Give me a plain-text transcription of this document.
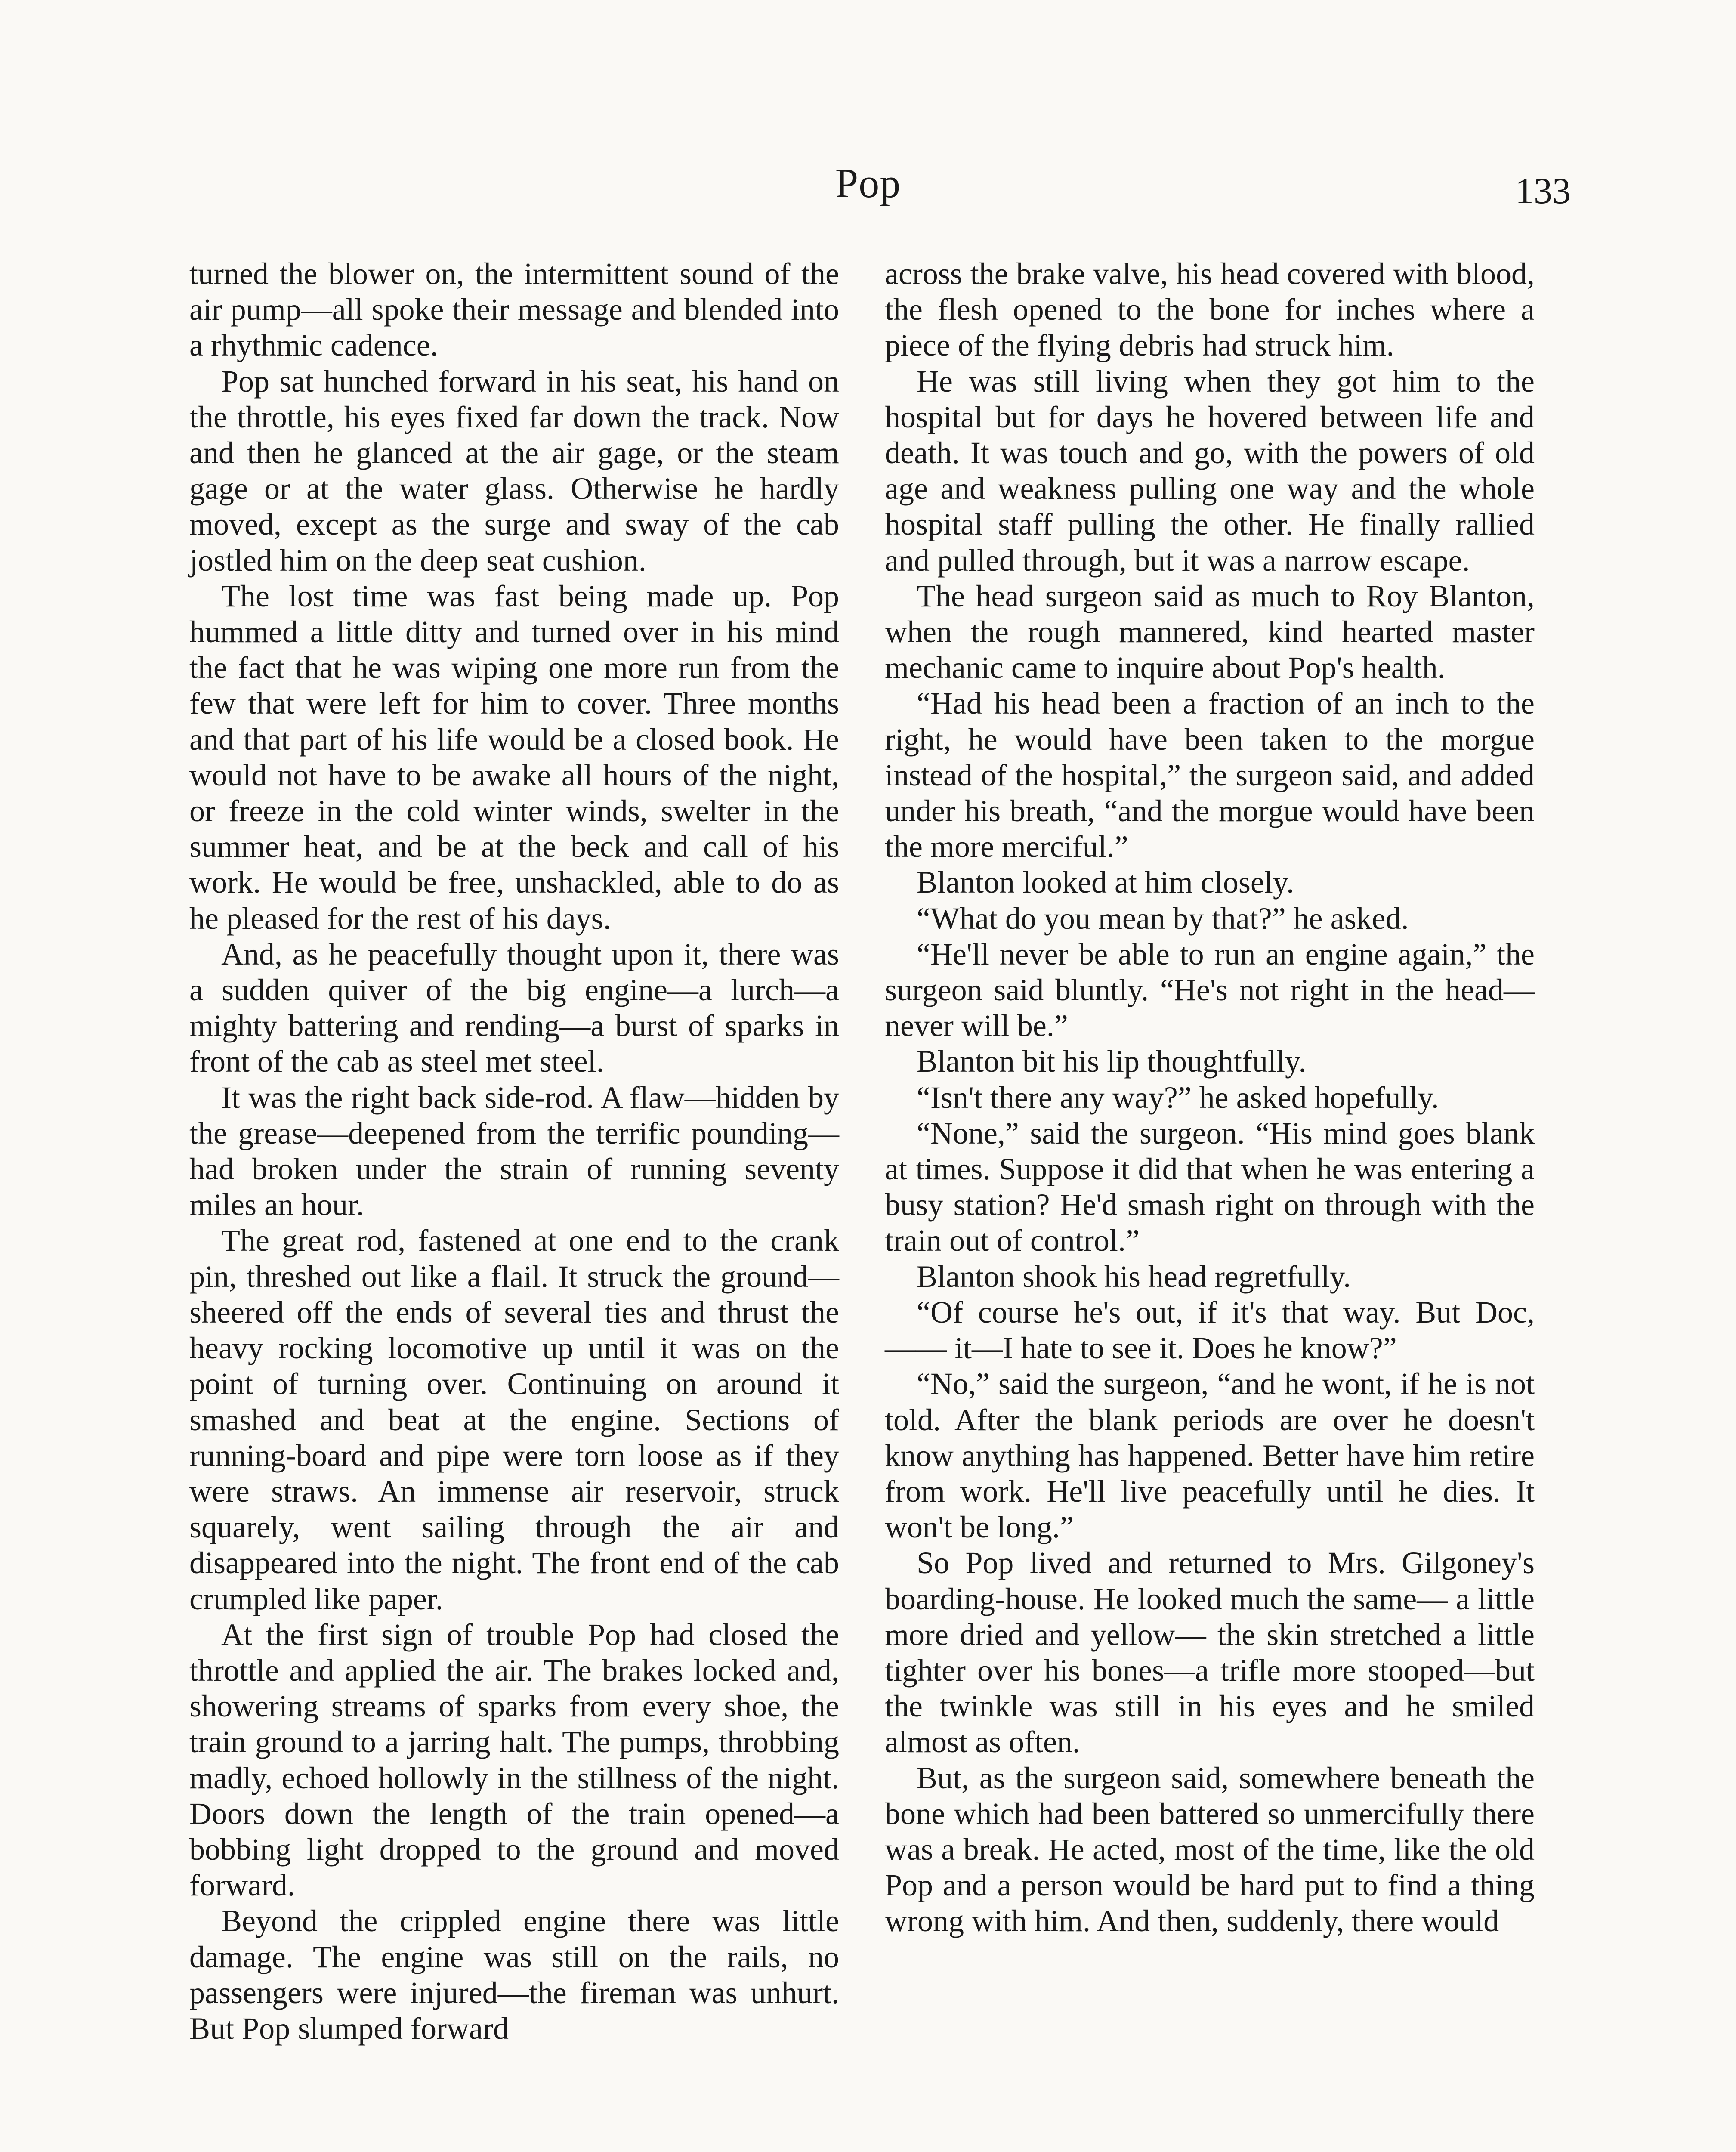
Pop	133

turned the blower on, the intermittent sound of the air pump—all spoke their message and blended into a rhythmic cadence.

Pop sat hunched forward in his seat, his hand on the throttle, his eyes fixed far down the track. Now and then he glanced at the air gage, or the steam gage or at the water glass. Otherwise he hardly moved, except as the surge and sway of the cab jostled him on the deep seat cushion.

The lost time was fast being made up. Pop hummed a little ditty and turned over in his mind the fact that he was wiping one more run from the few that were left for him to cover. Three months and that part of his life would be a closed book. He would not have to be awake all hours of the night, or freeze in the cold winter winds, swelter in the summer heat, and be at the beck and call of his work. He would be free, unshackled, able to do as he pleased for the rest of his days.

And, as he peacefully thought upon it, there was a sudden quiver of the big engine—a lurch—a mighty battering and rending—a burst of sparks in front of the cab as steel met steel.

It was the right back side-rod. A flaw—hidden by the grease—deepened from the terrific pounding—had broken under the strain of running seventy miles an hour.

The great rod, fastened at one end to the crank pin, threshed out like a flail. It struck the ground—sheered off the ends of several ties and thrust the heavy rocking locomotive up until it was on the point of turning over. Continuing on around it smashed and beat at the engine. Sections of running-board and pipe were torn loose as if they were straws. An immense air reservoir, struck squarely, went sailing through the air and disappeared into the night. The front end of the cab crumpled like paper.

At the first sign of trouble Pop had closed the throttle and applied the air. The brakes locked and, showering streams of sparks from every shoe, the train ground to a jarring halt. The pumps, throbbing madly, echoed hollowly in the stillness of the night. Doors down the length of the train opened—a bobbing light dropped to the ground and moved forward.

Beyond the crippled engine there was little damage. The engine was still on the rails, no passengers were injured—the fireman was unhurt. But Pop slumped forward

across the brake valve, his head covered with blood, the flesh opened to the bone for inches where a piece of the flying debris had struck him.

He was still living when they got him to the hospital but for days he hovered between life and death. It was touch and go, with the powers of old age and weakness pulling one way and the whole hospital staff pulling the other. He finally rallied and pulled through, but it was a narrow escape.

The head surgeon said as much to Roy Blanton, when the rough mannered, kind hearted master mechanic came to inquire about Pop's health.

“Had his head been a fraction of an inch to the right, he would have been taken to the morgue instead of the hospital,” the surgeon said, and added under his breath, “and the morgue would have been the more merciful.”

Blanton looked at him closely.

“What do you mean by that?” he asked.

“He'll never be able to run an engine again,” the surgeon said bluntly. “He's not right in the head—never will be.”

Blanton bit his lip thoughtfully.

“Isn't there any way?” he asked hopefully.

“None,” said the surgeon. “His mind goes blank at times. Suppose it did that when he was entering a busy station? He'd smash right on through with the train out of control.”

Blanton shook his head regretfully.

“Of course he's out, if it's that way. But Doc, —— it—I hate to see it. Does he know?”

“No,” said the surgeon, “and he wont, if he is not told. After the blank periods are over he doesn't know anything has happened. Better have him retire from work. He'll live peacefully until he dies. It won't be long.”

So Pop lived and returned to Mrs. Gilgoney's boarding-house. He looked much the same— a little more dried and yellow— the skin stretched a little tighter over his bones—a trifle more stooped—but the twinkle was still in his eyes and he smiled almost as often.

But, as the surgeon said, somewhere beneath the bone which had been battered so unmercifully there was a break. He acted, most of the time, like the old Pop and a person would be hard put to find a thing wrong with him. And then, suddenly, there would
